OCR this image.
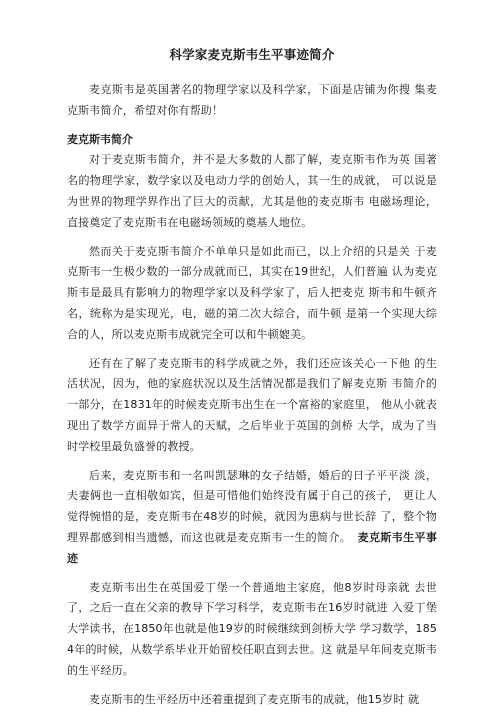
科学家麦克斯韦生平事迹简介

麦克斯韦是英国著名的物理学家以及科学家，下面是店铺为你搜 集麦克斯韦简介，希望对你有帮助！

麦克斯韦简介

对于麦克斯韦简介，并不是大多数的人都了解，麦克斯韦作为英 国著名的物理学家，数学家以及电动力学的创始人，其一生的成就， 可以说是为世界的物理学界作出了巨大的贡献，尤其是他的麦克斯韦 电磁场理论，直接奠定了麦克斯韦在电磁场领域的奠基人地位。

然而关于麦克斯韦简介不单单只是如此而已，以上介绍的只是关 于麦克斯韦一生极少数的一部分成就而已，其实在19世纪，人们普遍 认为麦克斯韦是最具有影响力的物理学家以及科学家了，后人把麦克 斯韦和牛顿齐名，统称为是实现光，电，磁的第二次大综合，而牛顿 是第一个实现大综合的人，所以麦克斯韦成就完全可以和牛顿媲美。

还有在了解了麦克斯韦的科学成就之外，我们还应该关心一下他 的生活状况，因为，他的家庭状况以及生活情况都是我们了解麦克斯 韦简介的一部分，在1831年的时候麦克斯韦出生在一个富裕的家庭里， 他从小就表现出了数学方面异于常人的天赋，之后毕业于英国的剑桥 大学，成为了当时学校里最负盛誉的教授。

后来，麦克斯韦和一名叫凯瑟琳的女子结婚，婚后的日子平平淡 淡，夫妻俩也一直相敬如宾，但是可惜他们始终没有属于自己的孩子， 更让人觉得惋惜的是，麦克斯韦在48岁的时候，就因为患病与世长辞 了，整个物理界都感到相当遗憾，而这也就是麦克斯韦一生的简介。 麦克斯韦生平事迹

麦克斯韦出生在英国爱丁堡一个普通地主家庭，他8岁时母亲就 去世了，之后一直在父亲的教导下学习科学，麦克斯韦在16岁时就进 入爱丁堡大学读书，在1850年也就是他19岁的时候继续到剑桥大学 学习数学，1854年的时候，从数学系毕业开始留校任职直到去世。这 就是早年间麦克斯韦的生平经历。

麦克斯韦的生平经历中还着重提到了麦克斯韦的成就，他15岁时 就
